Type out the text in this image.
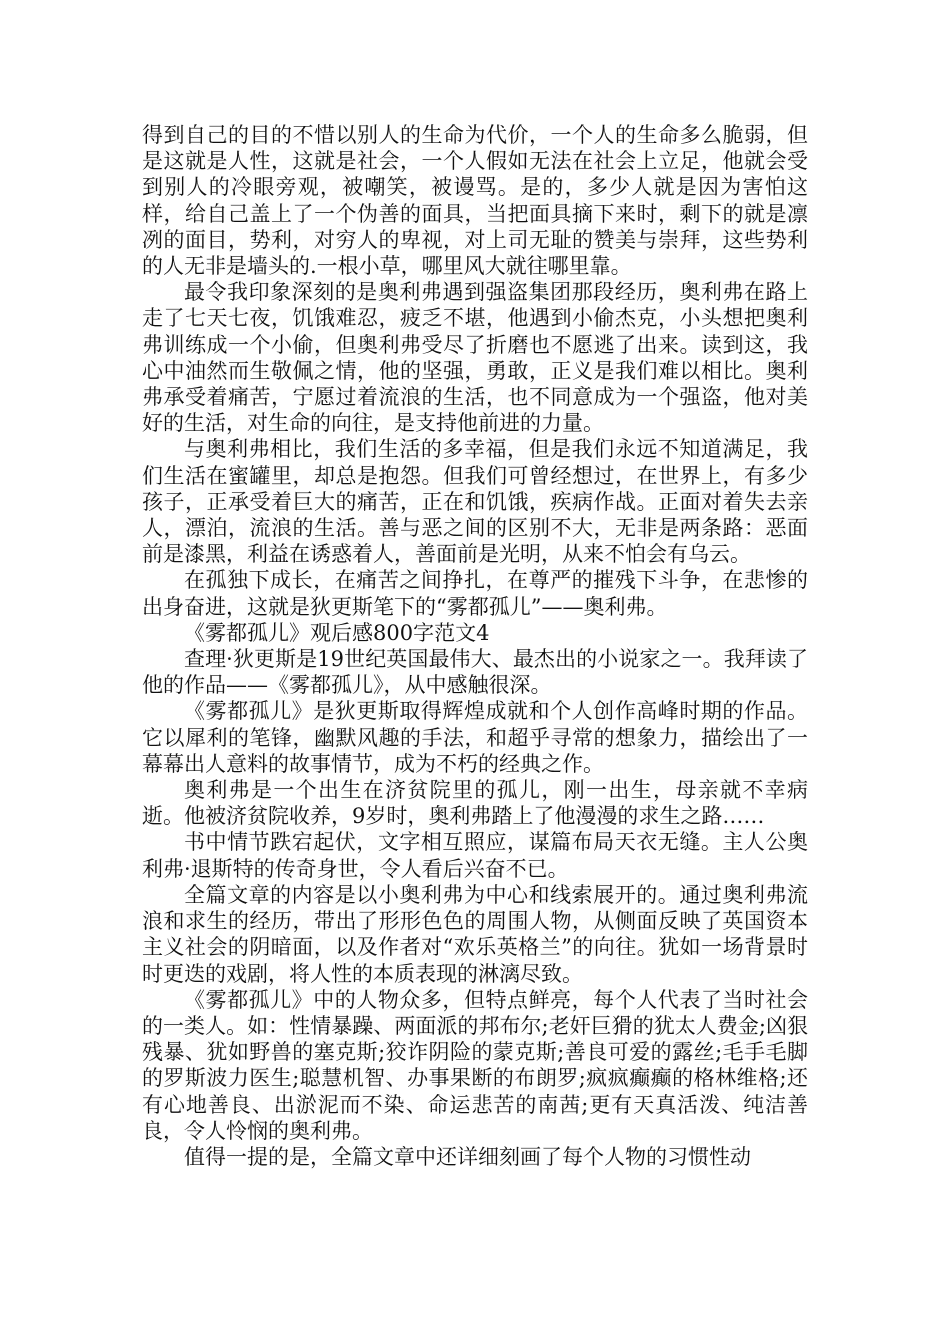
得到自己的目的不惜以别人的生命为代价，一个人的生命多么脆弱，但是这就是人性，这就是社会，一个人假如无法在社会上立足，他就会受到别人的冷眼旁观，被嘲笑，被谩骂。是的，多少人就是因为害怕这样，给自己盖上了一个伪善的面具，当把面具摘下来时，剩下的就是凛冽的面目，势利，对穷人的卑视，对上司无耻的赞美与崇拜，这些势利的人无非是墙头的.一根小草，哪里风大就往哪里靠。

最令我印象深刻的是奥利弗遇到强盗集团那段经历，奥利弗在路上走了七天七夜，饥饿难忍，疲乏不堪，他遇到小偷杰克，小头想把奥利弗训练成一个小偷，但奥利弗受尽了折磨也不愿逃了出来。读到这，我心中油然而生敬佩之情，他的坚强，勇敢，正义是我们难以相比。奥利弗承受着痛苦，宁愿过着流浪的生活，也不同意成为一个强盗，他对美好的生活，对生命的向往，是支持他前进的力量。

与奥利弗相比，我们生活的多幸福，但是我们永远不知道满足，我们生活在蜜罐里，却总是抱怨。但我们可曾经想过，在世界上，有多少孩子，正承受着巨大的痛苦，正在和饥饿，疾病作战。正面对着失去亲人，漂泊，流浪的生活。善与恶之间的区别不大，无非是两条路：恶面前是漆黑，利益在诱惑着人，善面前是光明，从来不怕会有乌云。

在孤独下成长，在痛苦之间挣扎，在尊严的摧残下斗争，在悲惨的出身奋进，这就是狄更斯笔下的“雾都孤儿”——奥利弗。

《雾都孤儿》观后感800字范文4

查理·狄更斯是19世纪英国最伟大、最杰出的小说家之一。我拜读了他的作品——《雾都孤儿》，从中感触很深。

《雾都孤儿》是狄更斯取得辉煌成就和个人创作高峰时期的作品。它以犀利的笔锋，幽默风趣的手法，和超乎寻常的想象力，描绘出了一幕幕出人意料的故事情节，成为不朽的经典之作。

奥利弗是一个出生在济贫院里的孤儿，刚一出生，母亲就不幸病逝。他被济贫院收养，9岁时，奥利弗踏上了他漫漫的求生之路……

书中情节跌宕起伏，文字相互照应，谋篇布局天衣无缝。主人公奥利弗·退斯特的传奇身世，令人看后兴奋不已。

全篇文章的内容是以小奥利弗为中心和线索展开的。通过奥利弗流浪和求生的经历，带出了形形色色的周围人物，从侧面反映了英国资本主义社会的阴暗面，以及作者对“欢乐英格兰”的向往。犹如一场背景时时更迭的戏剧，将人性的本质表现的淋漓尽致。

《雾都孤儿》中的人物众多，但特点鲜亮，每个人代表了当时社会的一类人。如：性情暴躁、两面派的邦布尔;老奸巨猾的犹太人费金;凶狠残暴、犹如野兽的塞克斯;狡诈阴险的蒙克斯;善良可爱的露丝;毛手毛脚的罗斯波力医生;聪慧机智、办事果断的布朗罗;疯疯癫癫的格林维格;还有心地善良、出淤泥而不染、命运悲苦的南茜;更有天真活泼、纯洁善良，令人怜悯的奥利弗。

值得一提的是，全篇文章中还详细刻画了每个人物的习惯性动
